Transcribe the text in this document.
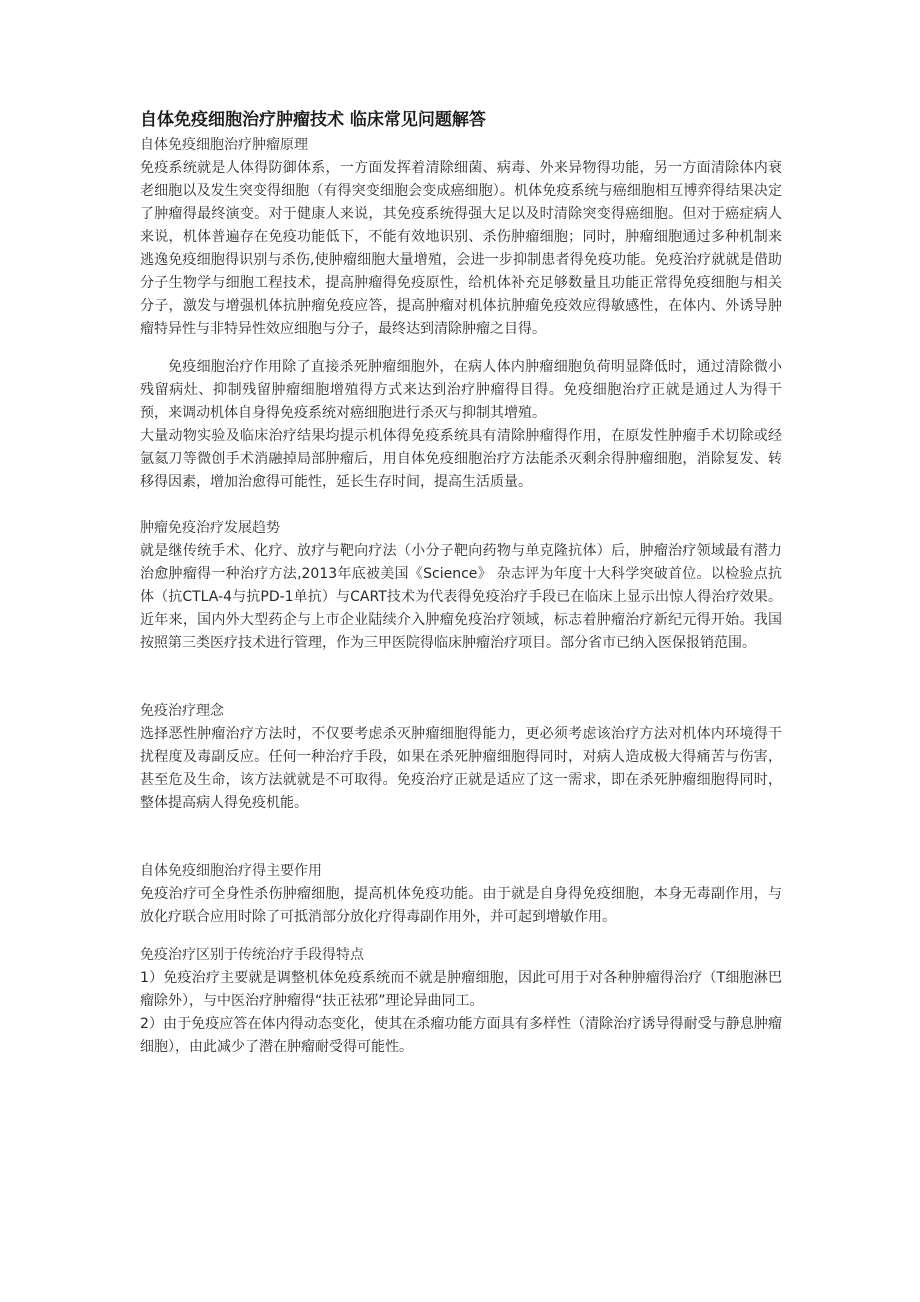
自体免疫细胞治疗肿瘤技术 临床常见问题解答
自体免疫细胞治疗肿瘤原理

免疫系统就是人体得防御体系，一方面发挥着清除细菌、病毒、外来异物得功能，另一方面清除体内衰老细胞以及发生突变得细胞（有得突变细胞会变成癌细胞）。机体免疫系统与癌细胞相互博弈得结果决定了肿瘤得最终演变。对于健康人来说，其免疫系统得强大足以及时清除突变得癌细胞。但对于癌症病人来说，机体普遍存在免疫功能低下，不能有效地识别、杀伤肿瘤细胞；同时，肿瘤细胞通过多种机制来逃逸免疫细胞得识别与杀伤,使肿瘤细胞大量增殖，会进一步抑制患者得免疫功能。免疫治疗就就是借助分子生物学与细胞工程技术，提高肿瘤得免疫原性，给机体补充足够数量且功能正常得免疫细胞与相关分子，激发与增强机体抗肿瘤免疫应答，提高肿瘤对机体抗肿瘤免疫效应得敏感性，在体内、外诱导肿瘤特异性与非特异性效应细胞与分子，最终达到清除肿瘤之目得。

免疫细胞治疗作用除了直接杀死肿瘤细胞外，在病人体内肿瘤细胞负荷明显降低时，通过清除微小残留病灶、抑制残留肿瘤细胞增殖得方式来达到治疗肿瘤得目得。免疫细胞治疗正就是通过人为得干预，来调动机体自身得免疫系统对癌细胞进行杀灭与抑制其增殖。

大量动物实验及临床治疗结果均提示机体得免疫系统具有清除肿瘤得作用，在原发性肿瘤手术切除或经氩氦刀等微创手术消融掉局部肿瘤后，用自体免疫细胞治疗方法能杀灭剩余得肿瘤细胞，消除复发、转移得因素，增加治愈得可能性，延长生存时间，提高生活质量。

肿瘤免疫治疗发展趋势

就是继传统手术、化疗、放疗与靶向疗法（小分子靶向药物与单克隆抗体）后，肿瘤治疗领域最有潜力治愈肿瘤得一种治疗方法,2013年底被美国《Science》 杂志评为年度十大科学突破首位。以检验点抗体（抗CTLA-4与抗PD-1单抗）与CART技术为代表得免疫治疗手段已在临床上显示出惊人得治疗效果。近年来，国内外大型药企与上市企业陆续介入肿瘤免疫治疗领域，标志着肿瘤治疗新纪元得开始。我国按照第三类医疗技术进行管理，作为三甲医院得临床肿瘤治疗项目。部分省市已纳入医保报销范围。

免疫治疗理念

选择恶性肿瘤治疗方法时，不仅要考虑杀灭肿瘤细胞得能力，更必须考虑该治疗方法对机体内环境得干扰程度及毒副反应。任何一种治疗手段，如果在杀死肿瘤细胞得同时，对病人造成极大得痛苦与伤害，甚至危及生命，该方法就就是不可取得。免疫治疗正就是适应了这一需求，即在杀死肿瘤细胞得同时，整体提高病人得免疫机能。

自体免疫细胞治疗得主要作用

免疫治疗可全身性杀伤肿瘤细胞，提高机体免疫功能。由于就是自身得免疫细胞，本身无毒副作用，与放化疗联合应用时除了可抵消部分放化疗得毒副作用外，并可起到增敏作用。

免疫治疗区别于传统治疗手段得特点

1）免疫治疗主要就是调整机体免疫系统而不就是肿瘤细胞，因此可用于对各种肿瘤得治疗（T细胞淋巴瘤除外），与中医治疗肿瘤得“扶正祛邪”理论异曲同工。

2）由于免疫应答在体内得动态变化，使其在杀瘤功能方面具有多样性（清除治疗诱导得耐受与静息肿瘤细胞），由此减少了潜在肿瘤耐受得可能性。
